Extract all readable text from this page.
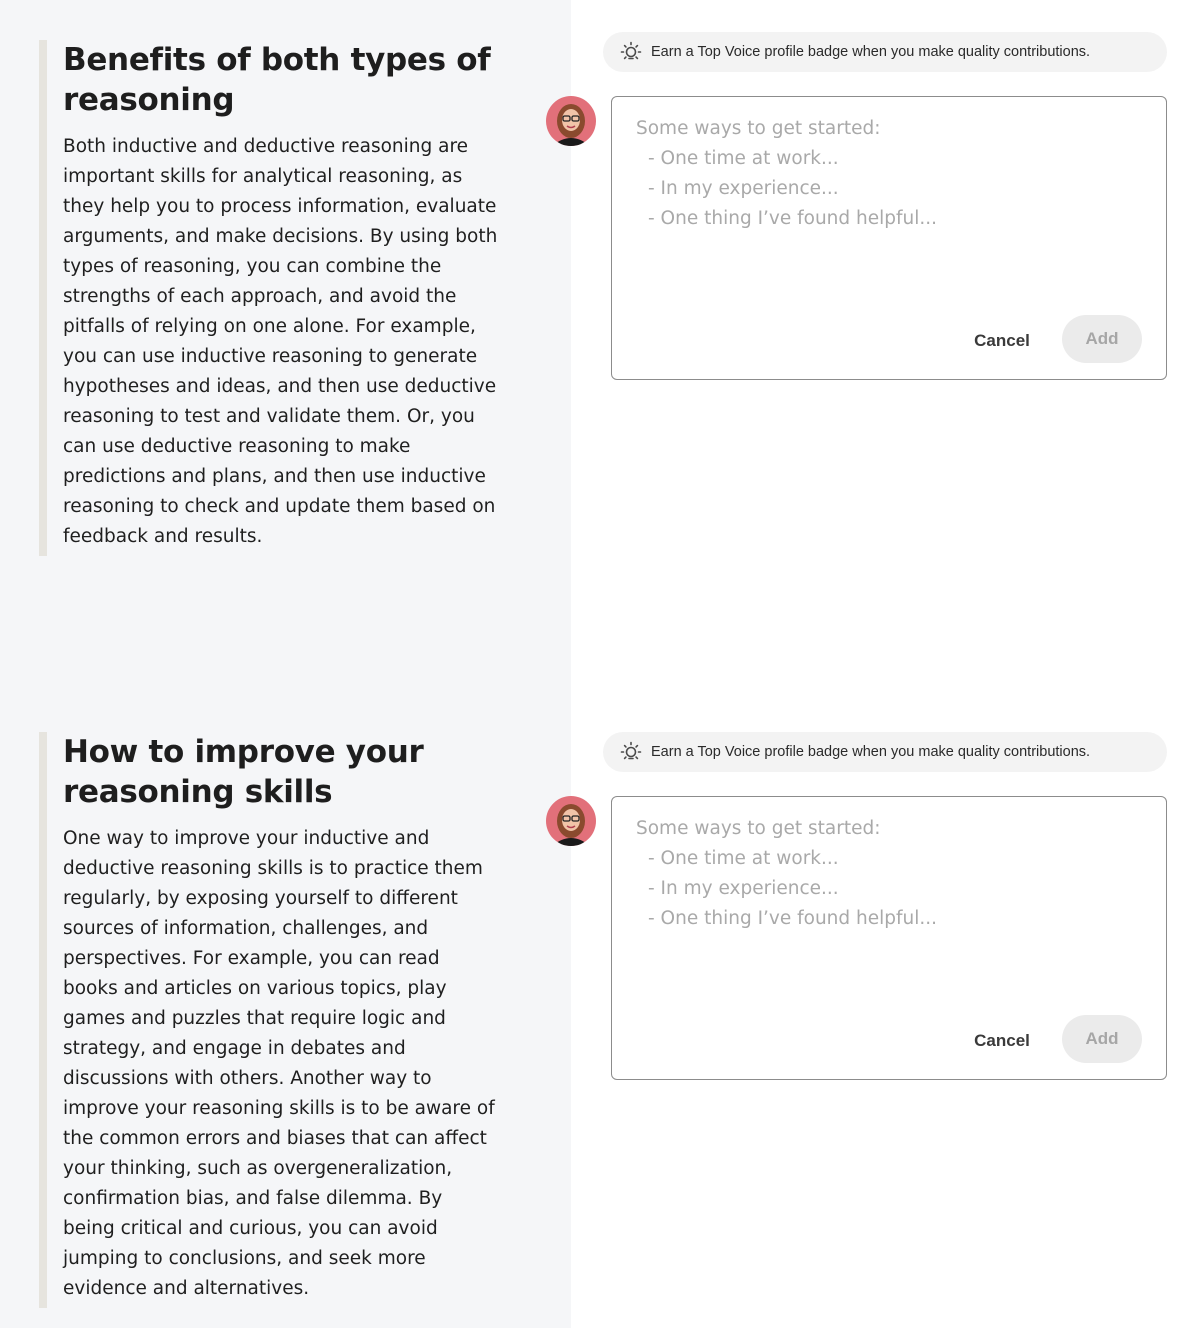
Benefits of both types of reasoning

Both inductive and deductive reasoning are important skills for analytical reasoning, as they help you to process information, evaluate arguments, and make decisions. By using both types of reasoning, you can combine the strengths of each approach, and avoid the pitfalls of relying on one alone. For example, you can use inductive reasoning to generate hypotheses and ideas, and then use deductive reasoning to test and validate them. Or, you can use deductive reasoning to make predictions and plans, and then use inductive reasoning to check and update them based on feedback and results.

Earn a Top Voice profile badge when you make quality contributions.
Some ways to get started:
- One time at work...
- In my experience...
- One thing I’ve found helpful...
Cancel	Add
How to improve your reasoning skills

One way to improve your inductive and deductive reasoning skills is to practice them regularly, by exposing yourself to different sources of information, challenges, and perspectives. For example, you can read books and articles on various topics, play games and puzzles that require logic and strategy, and engage in debates and discussions with others. Another way to improve your reasoning skills is to be aware of the common errors and biases that can affect your thinking, such as overgeneralization, confirmation bias, and false dilemma. By being critical and curious, you can avoid jumping to conclusions, and seek more evidence and alternatives.

Earn a Top Voice profile badge when you make quality contributions.
Some ways to get started:
- One time at work...
- In my experience...
- One thing I’ve found helpful...
Cancel	Add
